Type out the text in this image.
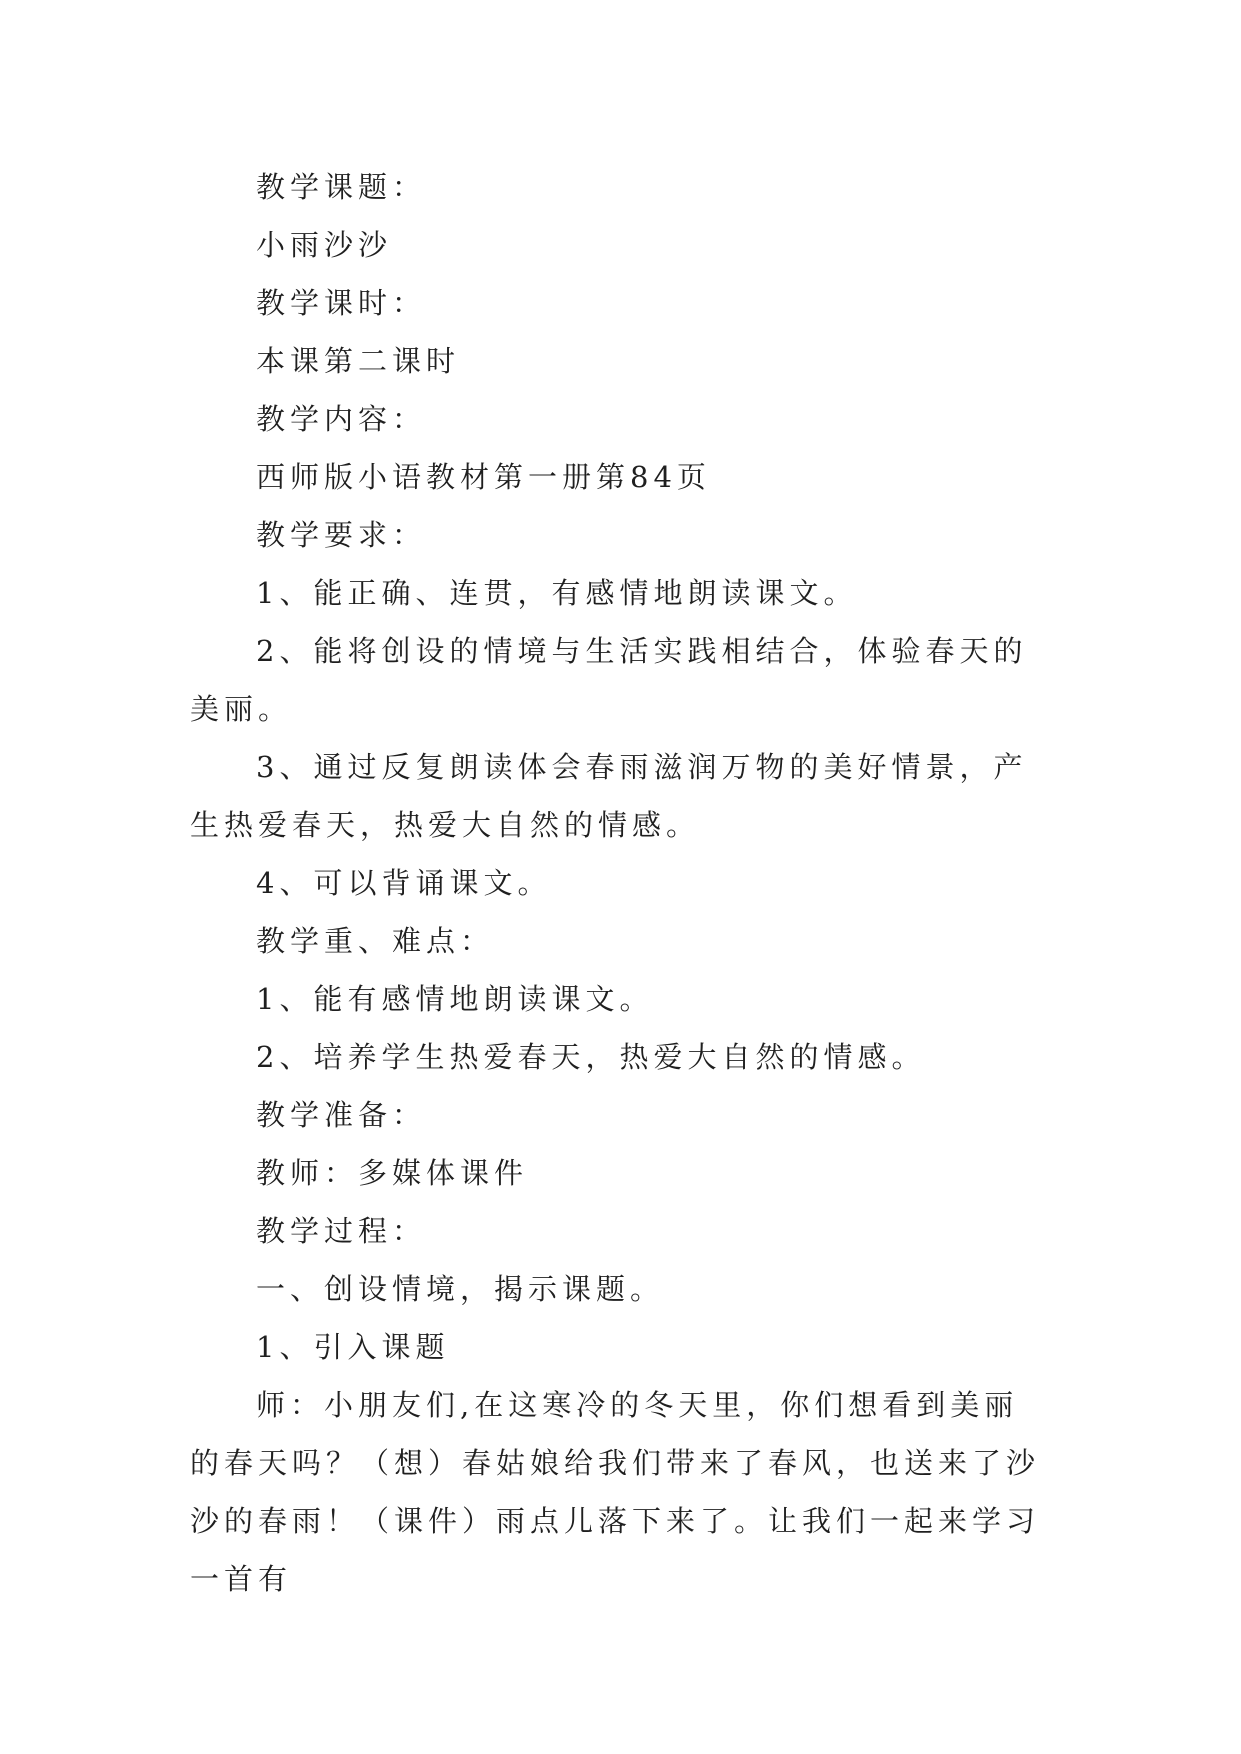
教学课题：

小雨沙沙

教学课时：

本课第二课时

教学内容：

西师版小语教材第一册第84页

教学要求：

1、能正确、连贯，有感情地朗读课文。

2、能将创设的情境与生活实践相结合，体验春天的美丽。

3、通过反复朗读体会春雨滋润万物的美好情景，产生热爱春天，热爱大自然的情感。

4、可以背诵课文。

教学重、难点：

1、能有感情地朗读课文。

2、培养学生热爱春天，热爱大自然的情感。

教学准备：

教师：多媒体课件

教学过程：

一、创设情境，揭示课题。

1、引入课题

师：小朋友们,在这寒冷的冬天里，你们想看到美丽的春天吗？（想）春姑娘给我们带来了春风，也送来了沙沙的春雨！（课件）雨点儿落下来了。让我们一起来学习一首有
